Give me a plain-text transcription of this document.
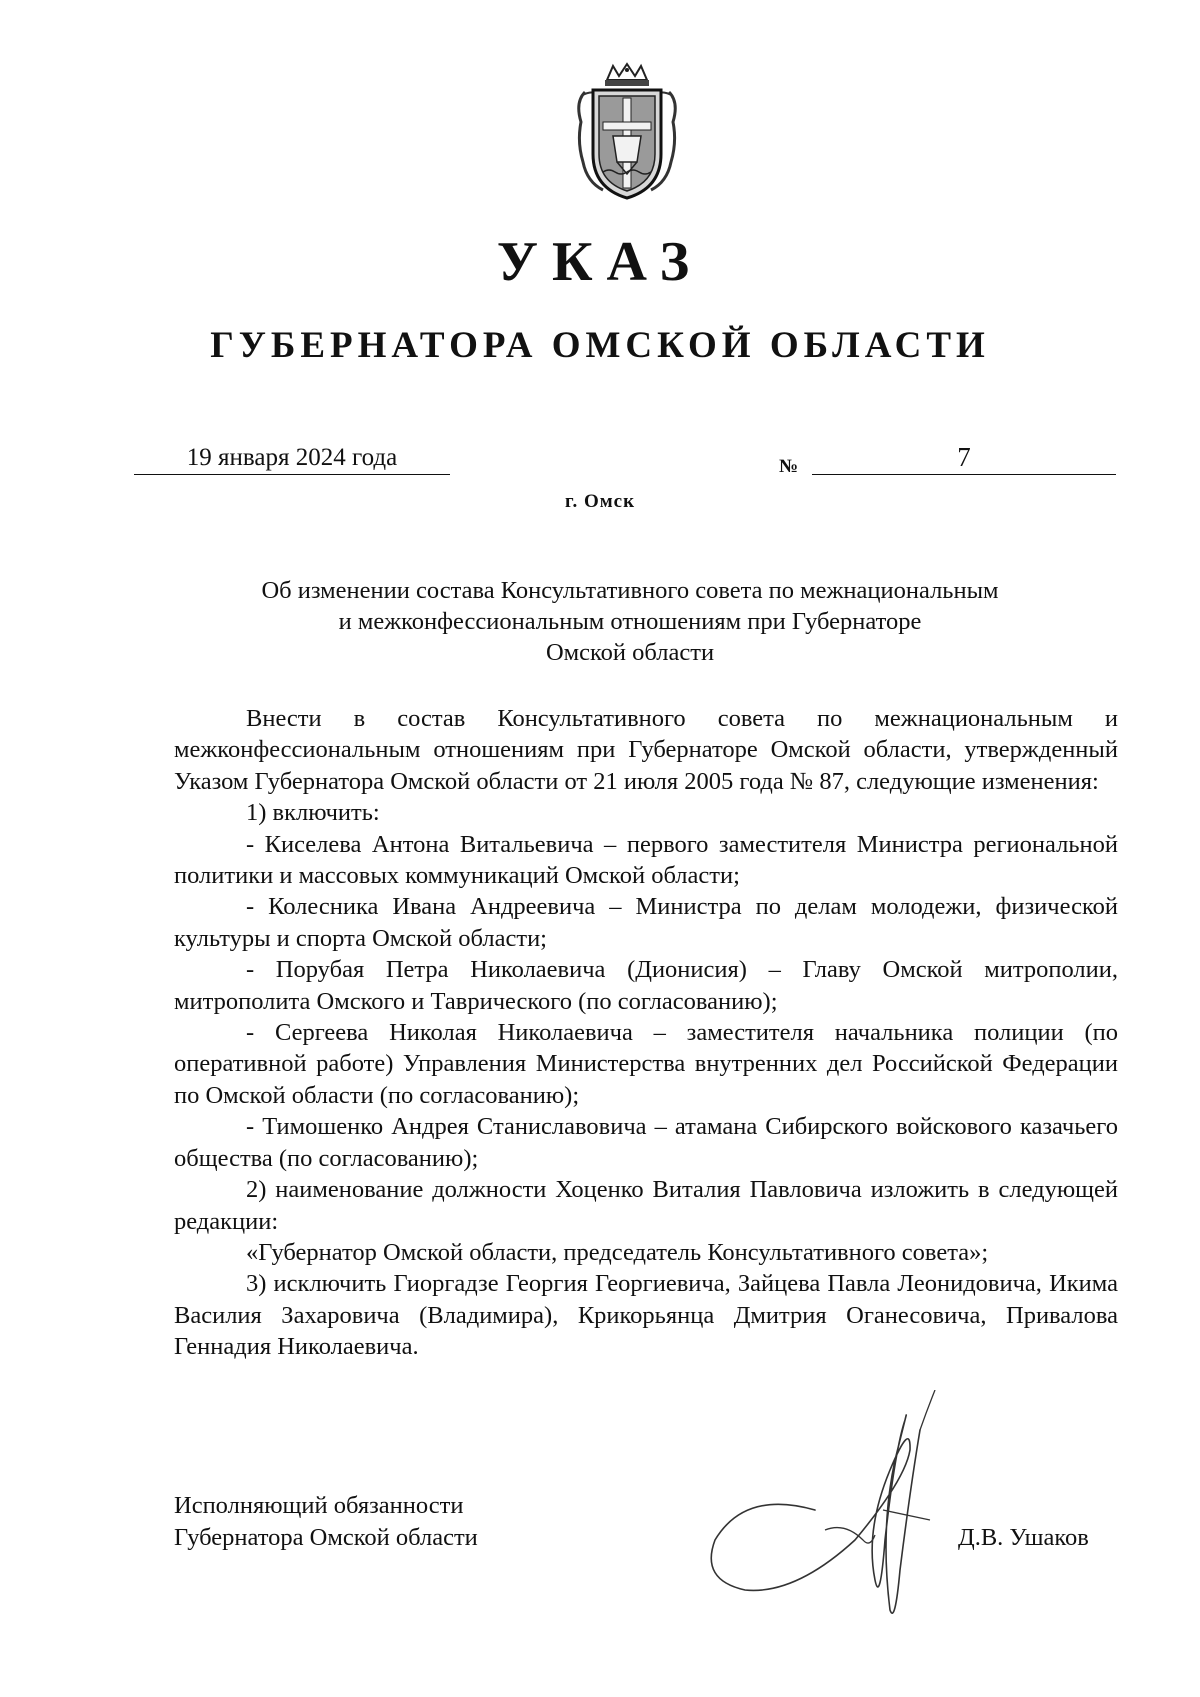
УКАЗ
ГУБЕРНАТОРА ОМСКОЙ ОБЛАСТИ
19 января 2024 года	№	7
г. Омск
Об изменении состава Консультативного совета по межнациональным
и межконфессиональным отношениям при Губернаторе
Омской области

Внести в состав Консультативного совета по межнациональным и межконфессиональным отношениям при Губернаторе Омской области, утвержденный Указом Губернатора Омской области от 21 июля 2005 года № 87, следующие изменения:

1) включить:

- Киселева Антона Витальевича – первого заместителя Министра региональной политики и массовых коммуникаций Омской области;

- Колесника Ивана Андреевича – Министра по делам молодежи, физической культуры и спорта Омской области;

- Порубая Петра Николаевича (Дионисия) – Главу Омской митрополии, митрополита Омского и Таврического (по согласованию);

- Сергеева Николая Николаевича – заместителя начальника полиции (по оперативной работе) Управления Министерства внутренних дел Российской Федерации по Омской области (по согласованию);

- Тимошенко Андрея Станиславовича – атамана Сибирского войскового казачьего общества (по согласованию);

2) наименование должности Хоценко Виталия Павловича изложить в следующей редакции:

«Губернатор Омской области, председатель Консультативного совета»;

3) исключить Гиоргадзе Георгия Георгиевича, Зайцева Павла Леонидовича, Икима Василия Захаровича (Владимира), Крикорьянца Дмитрия Оганесовича, Привалова Геннадия Николаевича.

Исполняющий обязанности
Губернатора Омской области	Д.В. Ушаков
